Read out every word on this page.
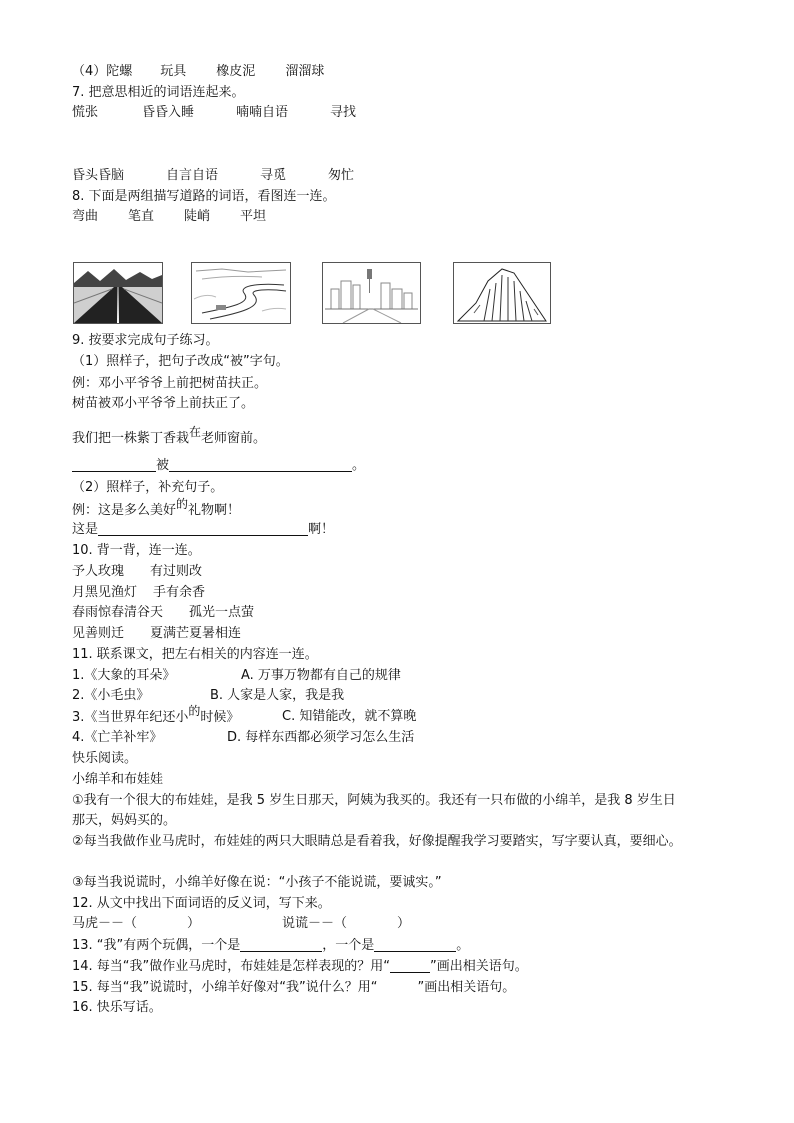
（4）陀螺 玩具 橡皮泥 溜溜球
7. 把意思相近的词语连起来。
慌张	昏昏入睡	喃喃自语	寻找
昏头昏脑	自言自语	寻觅	匆忙
8. 下面是两组描写道路的词语，看图连一连。
弯曲 笔直 陡峭 平坦
9. 按要求完成句子练习。
（1）照样子，把句子改成“被”字句。
例：邓小平爷爷上前把树苗扶正。
树苗被邓小平爷爷上前扶正了。
我们把一株紫丁香栽在老师窗前。
被	。
（2）照样子，补充句子。
例：这是多么美好的礼物啊！
这是	啊！
10. 背一背，连一连。
予人玫瑰 有过则改
月黑见渔灯 手有余香
春雨惊春清谷天 孤光一点萤
见善则迁 夏满芒夏暑相连
11. 联系课文，把左右相关的内容连一连。
1.《大象的耳朵》	A. 万事万物都有自己的规律
2.《小毛虫》	B. 人家是人家，我是我
3.《当世界年纪还小的时候》	C. 知错能改，就不算晚
4.《亡羊补牢》	D. 每样东西都必须学习怎么生活
快乐阅读。
小绵羊和布娃娃
①我有一个很大的布娃娃，是我 5 岁生日那天，阿姨为我买的。我还有一只布做的小绵羊，是我 8 岁生日
那天，妈妈买的。
②每当我做作业马虎时，布娃娃的两只大眼睛总是看着我，好像提醒我学习要踏实，写字要认真，要细心。
③每当我说谎时，小绵羊好像在说：“小孩子不能说谎，要诚实。”
12. 从文中找出下面词语的反义词，写下来。
马虎－－（	）	说谎－－（	）
13. “我”有两个玩偶，一个是	，一个是	。
14. 每当“我”做作业马虎时，布娃娃是怎样表现的？用“	”画出相关语句。
15. 每当“我”说谎时，小绵羊好像对“我”说什么？用“	”画出相关语句。
16. 快乐写话。
